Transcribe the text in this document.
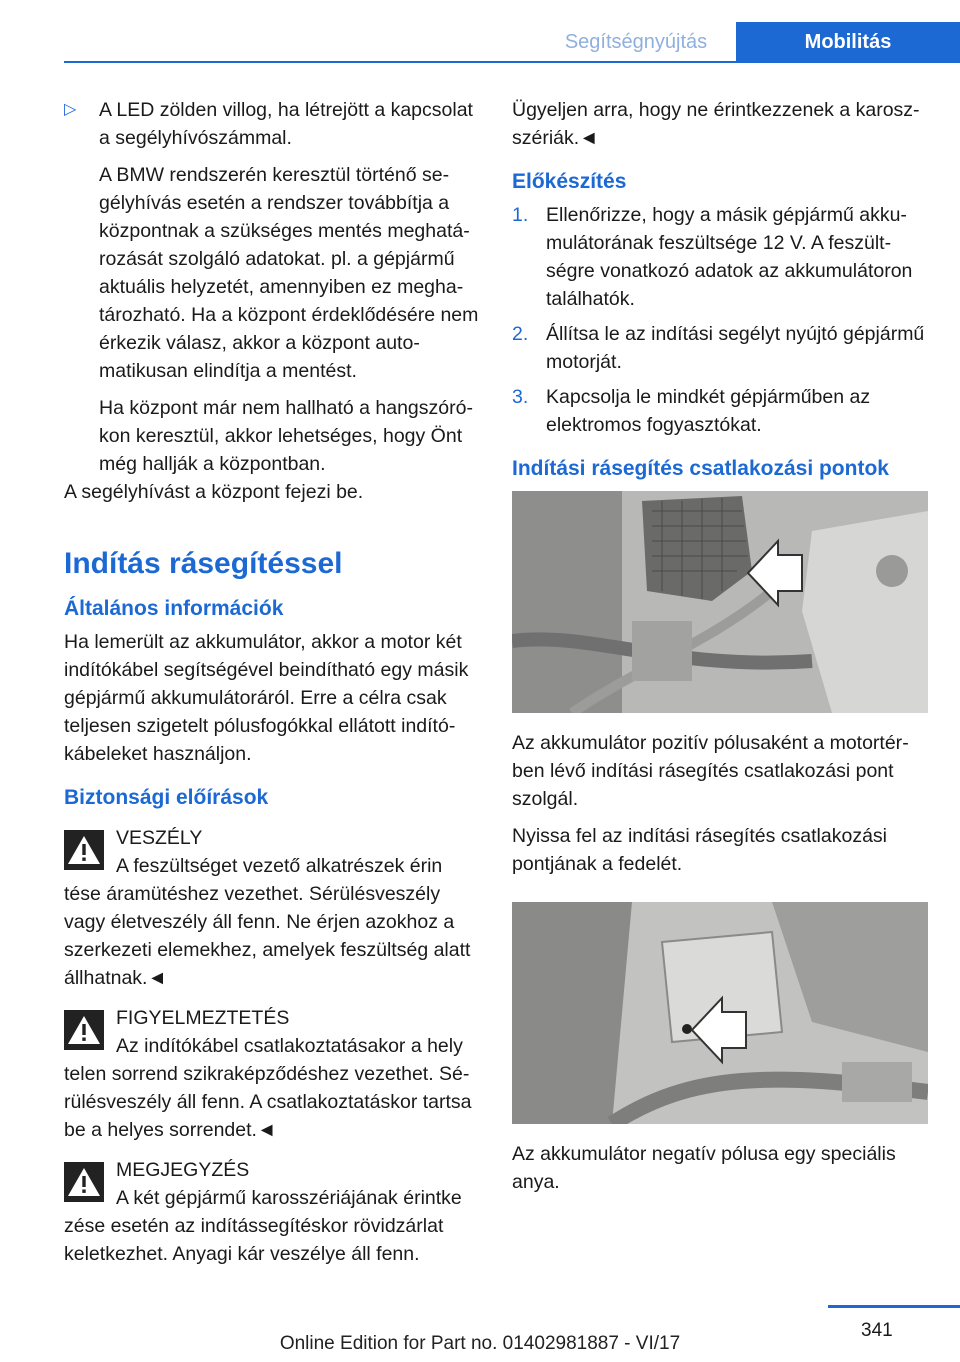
Segítségnyújtás	Mobilitás
▷	A LED zölden villog, ha létrejött a kapcsolat a segélyhívószámmal.

A BMW rendszerén keresztül történő segélyhívás esetén a rendszer továbbítja a központnak a szükséges mentés meghatározását szolgáló adatokat. pl. a gépjármű aktuális helyzetét, amennyiben ez meghatározható. Ha a központ érdeklődésére nem érkezik válasz, akkor a központ automatikusan elindítja a mentést.

Ha központ már nem hallható a hangszórókon keresztül, akkor lehetséges, hogy Önt még hallják a központban.

A segélyhívást a központ fejezi be.

Indítás rásegítéssel
Általános információk

Ha lemerült az akkumulátor, akkor a motor két indítókábel segítségével beindítható egy másik gépjármű akkumulátoráról. Erre a célra csak teljesen szigetelt pólusfogókkal ellátott indítókábeleket használjon.

Biztonsági előírások

VESZÉLY

A feszültséget vezető alkatrészek érin

tése áramütéshez vezethet. Sérülésveszély vagy életveszély áll fenn. Ne érjen azokhoz a szerkezeti elemekhez, amelyek feszültség alatt állhatnak.◄

FIGYELMEZTETÉS

Az indítókábel csatlakoztatásakor a hely

telen sorrend szikraképződéshez vezethet. Sérülésveszély áll fenn. A csatlakoztatáskor tartsa be a helyes sorrendet.◄

MEGJEGYZÉS

A két gépjármű karosszériájának érintke

zése esetén az indítássegítéskor rövidzárlat keletkezhet. Anyagi kár veszélye áll fenn.

Ügyeljen arra, hogy ne érintkezzenek a karoszszériák.◄

Előkészítés
1. Ellenőrizze, hogy a másik gépjármű akkumulátorának feszültsége 12 V. A feszültségre vonatkozó adatok az akkumulátoron találhatók.
2. Állítsa le az indítási segélyt nyújtó gépjármű motorját.
3. Kapcsolja le mindkét gépjárműben az elektromos fogyasztókat.
Indítási rásegítés csatlakozási pontok

Az akkumulátor pozitív pólusaként a motortérben lévő indítási rásegítés csatlakozási pont szolgál.

Nyissa fel az indítási rásegítés csatlakozási pontjának a fedelét.

Az akkumulátor negatív pólusa egy speciális anya.

341
Online Edition for Part no. 01402981887 - VI/17
